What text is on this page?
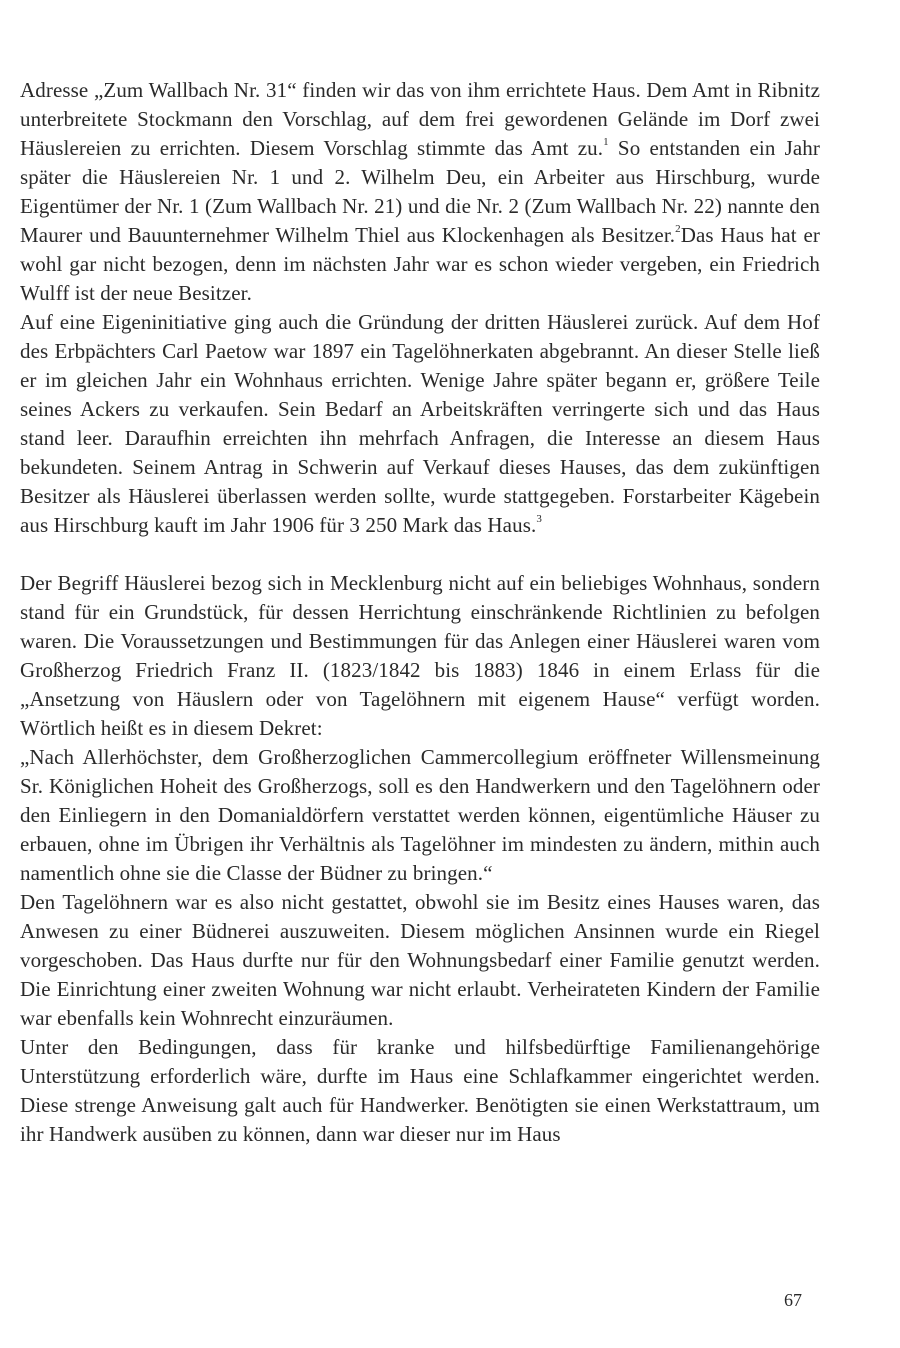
Adresse „Zum Wallbach Nr. 31“ finden wir das von ihm errichtete Haus. Dem Amt in Ribnitz unterbreitete Stockmann den Vorschlag, auf dem frei gewordenen Gelände im Dorf zwei Häuslereien zu errichten. Diesem Vorschlag stimmte das Amt zu.$^1$ So entstanden ein Jahr später die Häuslereien Nr. 1 und 2. Wilhelm Deu, ein Arbeiter aus Hirschburg, wurde Eigentümer der Nr. 1 (Zum Wallbach Nr. 21) und die Nr. 2 (Zum Wallbach Nr. 22) nannte den Maurer und Bauunternehmer Wilhelm Thiel aus Klockenhagen als Besitzer.$^2$Das Haus hat er wohl gar nicht bezogen, denn im nächsten Jahr war es schon wieder vergeben, ein Friedrich Wulff ist der neue Besitzer.

Auf eine Eigeninitiative ging auch die Gründung der dritten Häuslerei zurück. Auf dem Hof des Erbpächters Carl Paetow war 1897 ein Tagelöhnerkaten abgebrannt. An dieser Stelle ließ er im gleichen Jahr ein Wohnhaus errichten. Wenige Jahre später begann er, größere Teile seines Ackers zu verkaufen. Sein Bedarf an Arbeitskräften verringerte sich und das Haus stand leer. Daraufhin erreichten ihn mehrfach Anfragen, die Interesse an diesem Haus bekundeten. Seinem Antrag in Schwerin auf Verkauf dieses Hauses, das dem zukünftigen Besitzer als Häuslerei überlassen werden sollte, wurde stattgegeben. Forstarbeiter Kägebein aus Hirschburg kauft im Jahr 1906 für 3 250 Mark das Haus.$^3$

Der Begriff Häuslerei bezog sich in Mecklenburg nicht auf ein beliebiges Wohnhaus, sondern stand für ein Grundstück, für dessen Herrichtung einschränkende Richtlinien zu befolgen waren. Die Voraussetzungen und Bestimmungen für das Anlegen einer Häuslerei waren vom Großherzog Friedrich Franz II. (1823/1842 bis 1883) 1846 in einem Erlass für die „Ansetzung von Häuslern oder von Tagelöhnern mit eigenem Hause“ verfügt worden. Wörtlich heißt es in diesem Dekret:

„Nach Allerhöchster, dem Großherzoglichen Cammercollegium eröffneter Willensmeinung Sr. Königlichen Hoheit des Großherzogs, soll es den Handwerkern und den Tagelöhnern oder den Einliegern in den Domanialdörfern verstattet werden können, eigentümliche Häuser zu erbauen, ohne im Übrigen ihr Verhältnis als Tagelöhner im mindesten zu ändern, mithin auch namentlich ohne sie die Classe der Büdner zu bringen.“

Den Tagelöhnern war es also nicht gestattet, obwohl sie im Besitz eines Hauses waren, das Anwesen zu einer Büdnerei auszuweiten. Diesem möglichen Ansinnen wurde ein Riegel vorgeschoben. Das Haus durfte nur für den Wohnungsbedarf einer Familie genutzt werden. Die Einrichtung einer zweiten Wohnung war nicht erlaubt. Verheirateten Kindern der Familie war ebenfalls kein Wohnrecht einzuräumen.

Unter den Bedingungen, dass für kranke und hilfsbedürftige Familienangehörige Unterstützung erforderlich wäre, durfte im Haus eine Schlafkammer eingerichtet werden. Diese strenge Anweisung galt auch für Handwerker. Benötigten sie einen Werkstattraum, um ihr Handwerk ausüben zu können, dann war dieser nur im Haus

67
